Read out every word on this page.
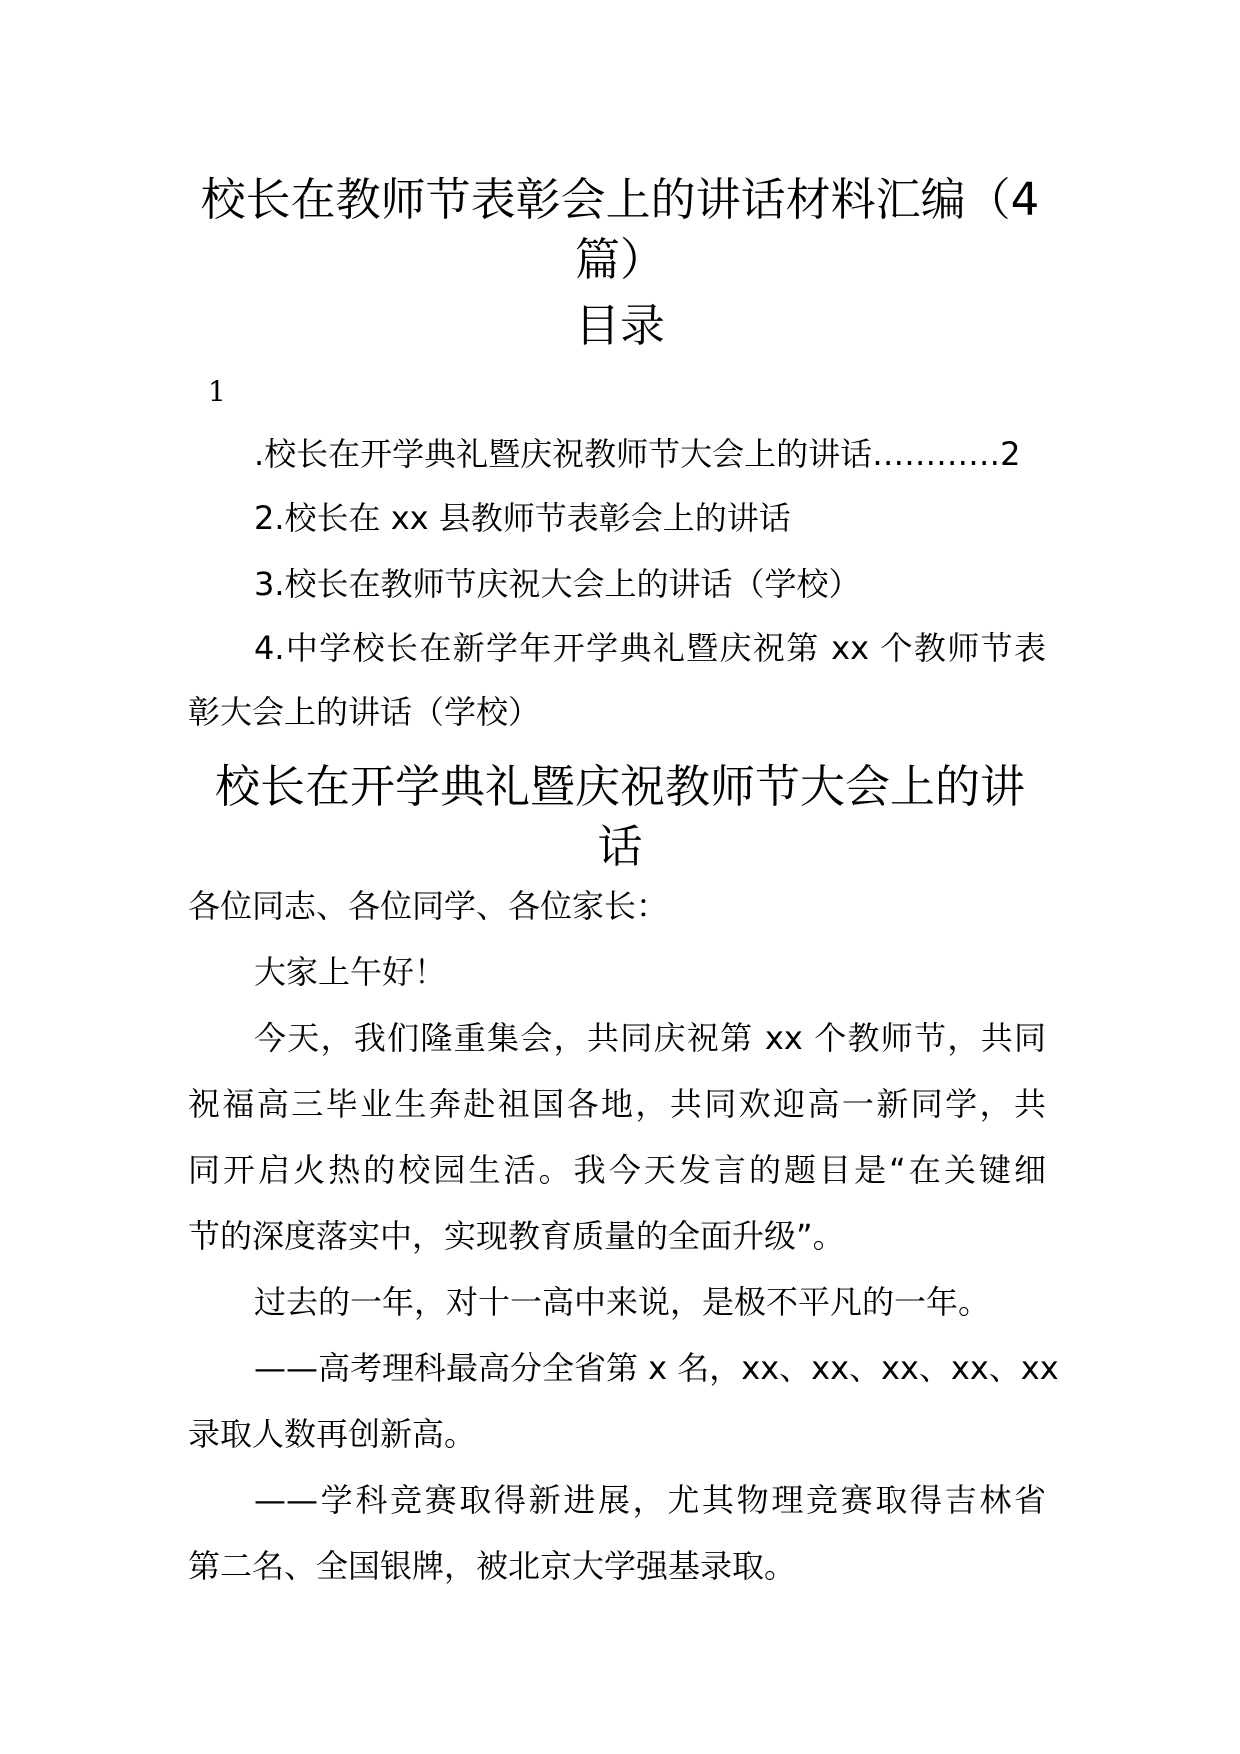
校长在教师节表彰会上的讲话材料汇编（4
篇）
目录
1
.校长在开学典礼暨庆祝教师节大会上的讲话…………2
2.校长在 xx 县教师节表彰会上的讲话
3.校长在教师节庆祝大会上的讲话（学校）
4.中学校长在新学年开学典礼暨庆祝第 xx 个教师节表
彰大会上的讲话（学校）
校长在开学典礼暨庆祝教师节大会上的讲
话
各位同志、各位同学、各位家长：
大家上午好！
今天，我们隆重集会，共同庆祝第 xx 个教师节，共同
祝福高三毕业生奔赴祖国各地，共同欢迎高一新同学，共
同开启火热的校园生活。我今天发言的题目是“在关键细
节的深度落实中，实现教育质量的全面升级”。
过去的一年，对十一高中来说，是极不平凡的一年。
——高考理科最高分全省第 x 名，xx、xx、xx、xx、xx
录取人数再创新高。
——学科竞赛取得新进展，尤其物理竞赛取得吉林省
第二名、全国银牌，被北京大学强基录取。
